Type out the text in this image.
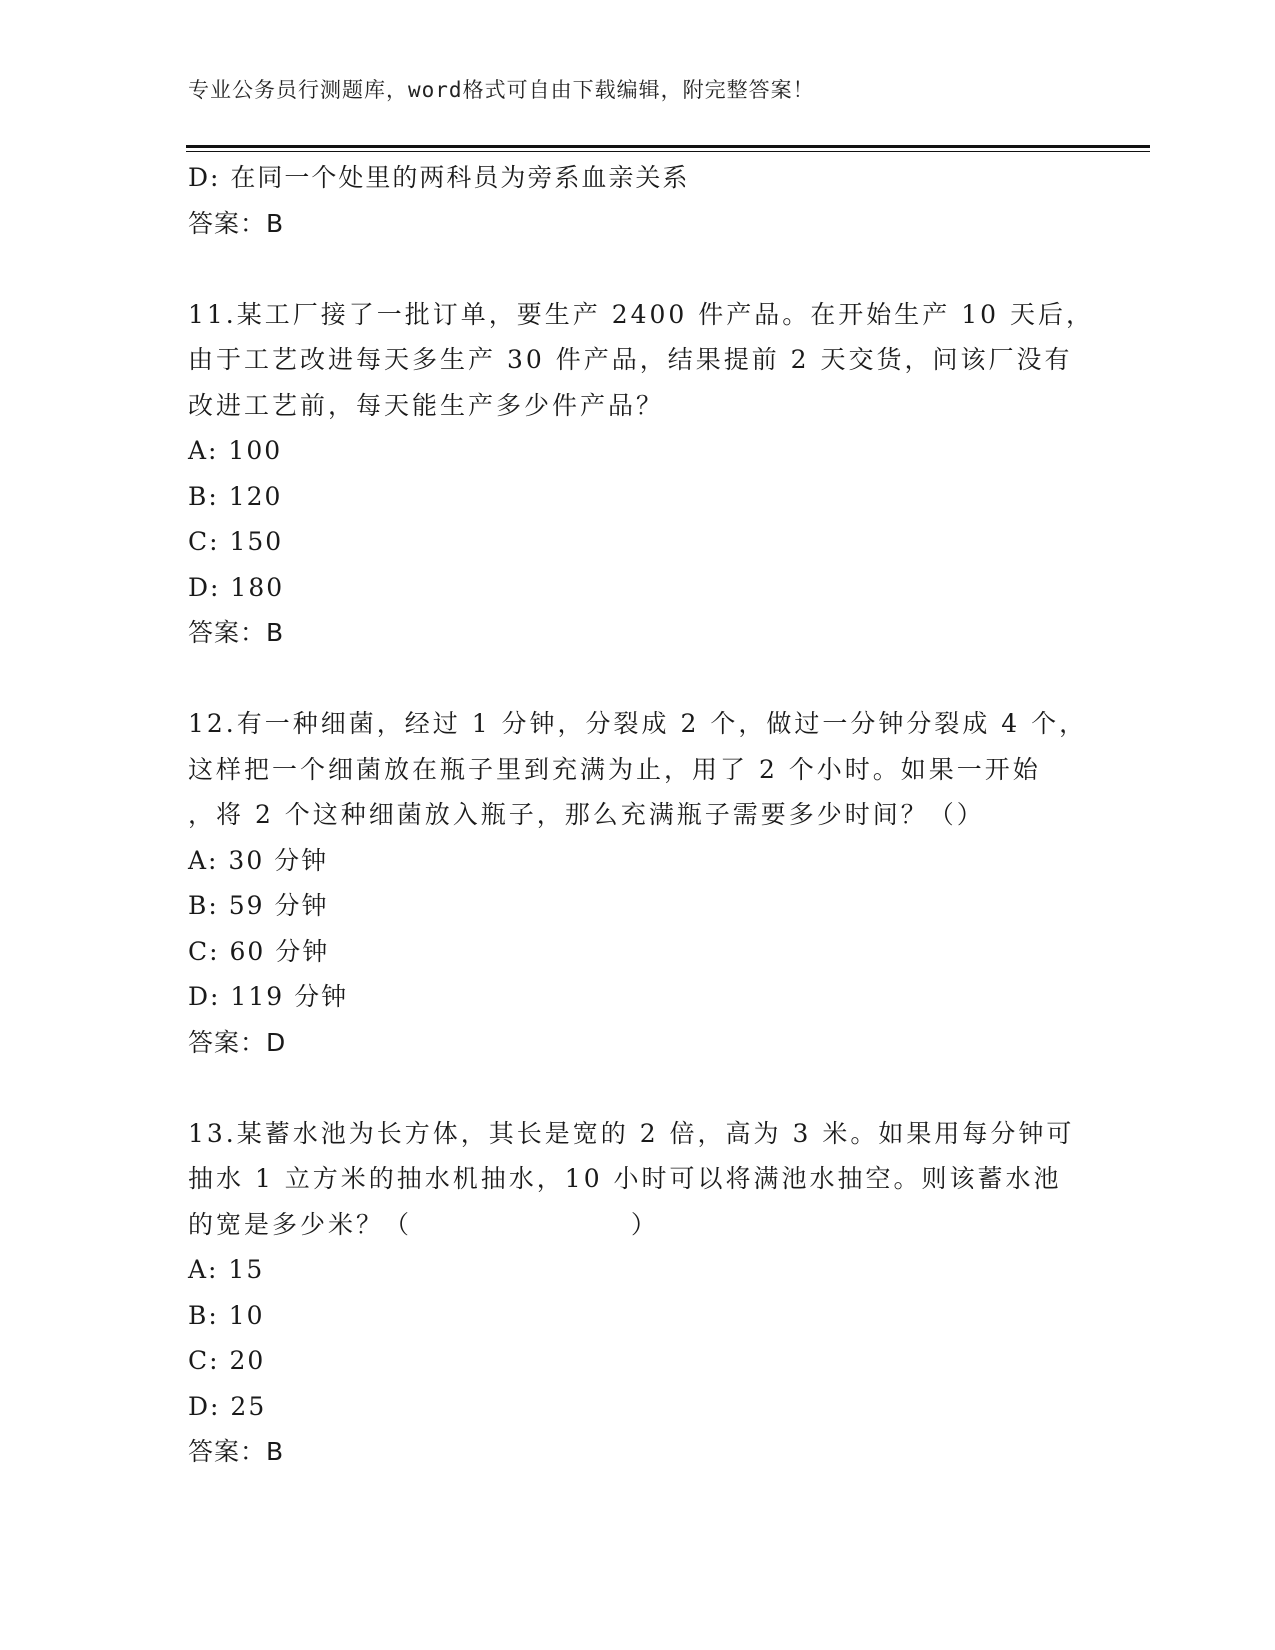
专业公务员行测题库，word格式可自由下载编辑，附完整答案！
D: 在同一个处里的两科员为旁系血亲关系
答案：B
11.某工厂接了一批订单，要生产 2400 件产品。在开始生产 10 天后，
由于工艺改进每天多生产 30 件产品，结果提前 2 天交货，问该厂没有
改进工艺前，每天能生产多少件产品？
A: 100
B: 120
C: 150
D: 180
答案：B
12.有一种细菌，经过 1 分钟，分裂成 2 个，做过一分钟分裂成 4 个，
这样把一个细菌放在瓶子里到充满为止，用了 2 个小时。如果一开始
，将 2 个这种细菌放入瓶子，那么充满瓶子需要多少时间？（）
A: 30 分钟
B: 59 分钟
C: 60 分钟
D: 119 分钟
答案：D
13.某蓄水池为长方体，其长是宽的 2 倍，高为 3 米。如果用每分钟可
抽水 1 立方米的抽水机抽水，10 小时可以将满池水抽空。则该蓄水池
的宽是多少米？（                    ）
A: 15
B: 10
C: 20
D: 25
答案：B
